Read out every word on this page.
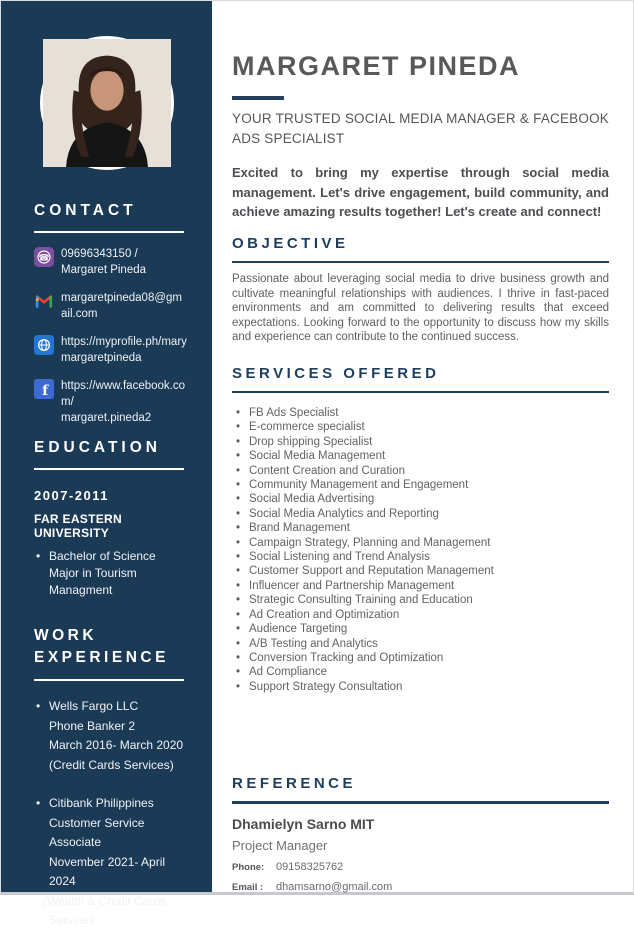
CONTACT
☎ 09696343150 /
Margaret Pineda
margaretpineda08@gmail.com
https://myprofile.ph/mary
margaretpineda
f https://www.facebook.com/
margaret.pineda2
EDUCATION
2007-2011
FAR EASTERN UNIVERSITY
• Bachelor of Science
Major in Tourism Managment
WORK
EXPERIENCE
• Wells Fargo LLC
Phone Banker 2
March 2016- March 2020
(Credit Cards Services)
• Citibank Philippines
Customer Service Associate
November 2021- April 2024
(Wealth & Credit Cards
Services
MARGARET PINEDA
YOUR TRUSTED SOCIAL MEDIA MANAGER & FACEBOOK ADS SPECIALIST

Excited to bring my expertise through social media management. Let's drive engagement, build community, and achieve amazing results together! Let's create and connect!

OBJECTIVE

Passionate about leveraging social media to drive business growth and cultivate meaningful relationships with audiences. I thrive in fast-paced environments and am committed to delivering results that exceed expectations. Looking forward to the opportunity to discuss how my skills and experience can contribute to the continued success.

SERVICES OFFERED
• FB Ads Specialist
• E-commerce specialist
• Drop shipping Specialist
• Social Media Management
• Content Creation and Curation
• Community Management and Engagement
• Social Media Advertising
• Social Media Analytics and Reporting
• Brand Management
• Campaign Strategy, Planning and Management
• Social Listening and Trend Analysis
• Customer Support and Reputation Management
• Influencer and Partnership Management
• Strategic Consulting Training and Education
• Ad Creation and Optimization
• Audience Targeting
• A/B Testing and Analytics
• Conversion Tracking and Optimization
• Ad Compliance
• Support Strategy Consultation
REFERENCE
Dhamielyn Sarno MIT
Project Manager
Phone:	09158325762
Email :	dhamsarno@gmail.com
